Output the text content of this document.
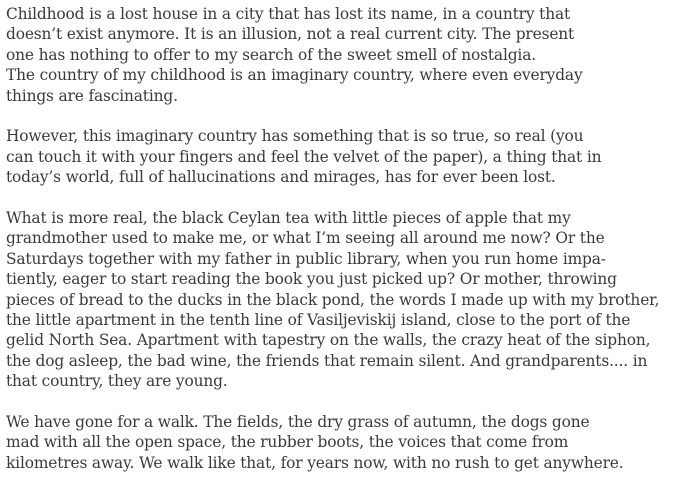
Childhood is a lost house in a city that has lost its name, in a country that
doesn’t exist anymore. It is an illusion, not a real current city. The present
one has nothing to offer to my search of the sweet smell of nostalgia.
The country of my childhood is an imaginary country, where even everyday
things are fascinating.

However, this imaginary country has something that is so true, so real (you
can touch it with your fingers and feel the velvet of the paper), a thing that in
today’s world, full of hallucinations and mirages, has for ever been lost.

What is more real, the black Ceylan tea with little pieces of apple that my
grandmother used to make me, or what I’m seeing all around me now? Or the
Saturdays together with my father in public library, when you run home impa-
tiently, eager to start reading the book you just picked up? Or mother, throwing
pieces of bread to the ducks in the black pond, the words I made up with my brother,
the little apartment in the tenth line of Vasiljeviskij island, close to the port of the
gelid North Sea. Apartment with tapestry on the walls, the crazy heat of the siphon,
the dog asleep, the bad wine, the friends that remain silent. And grandparents.... in
that country, they are young.

We have gone for a walk. The fields, the dry grass of autumn, the dogs gone
mad with all the open space, the rubber boots, the voices that come from
kilometres away. We walk like that, for years now, with no rush to get anywhere.
